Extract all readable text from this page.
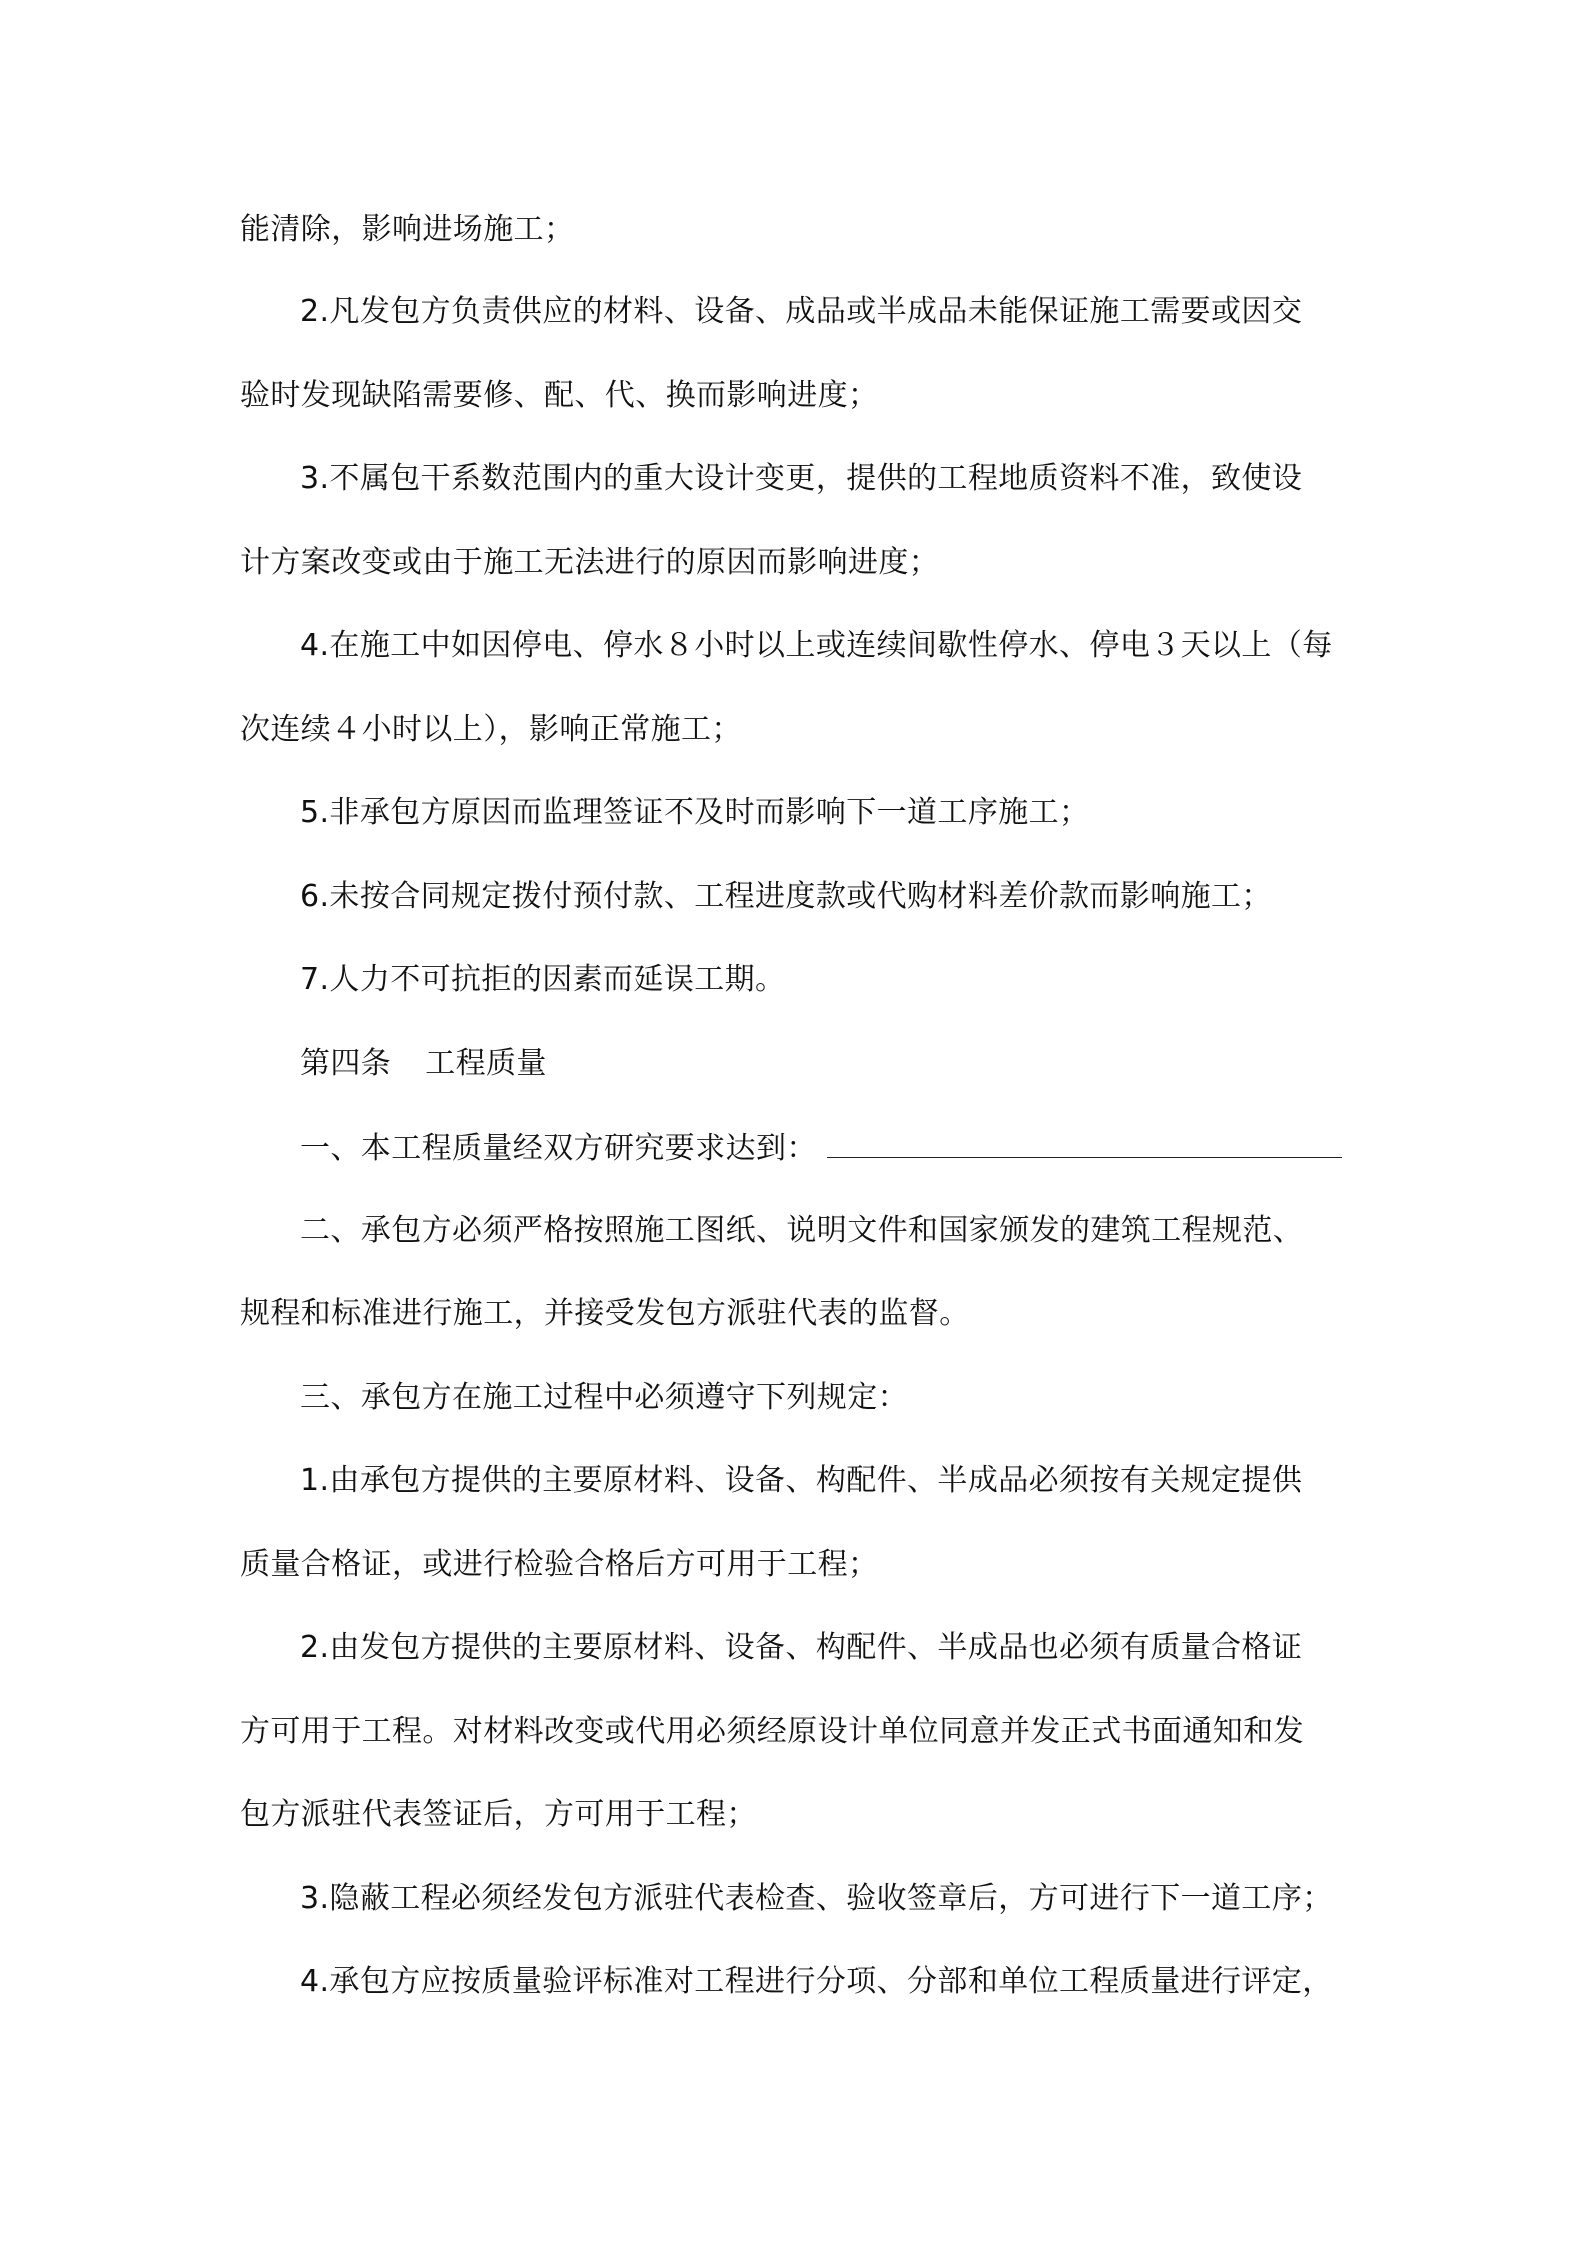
能清除，影响进场施工；
2.凡发包方负责供应的材料、设备、成品或半成品未能保证施工需要或因交
验时发现缺陷需要修、配、代、换而影响进度；
3.不属包干系数范围内的重大设计变更，提供的工程地质资料不准，致使设
计方案改变或由于施工无法进行的原因而影响进度；
4.在施工中如因停电、停水８小时以上或连续间歇性停水、停电３天以上（每
次连续４小时以上），影响正常施工；
5.非承包方原因而监理签证不及时而影响下一道工序施工；
6.未按合同规定拨付预付款、工程进度款或代购材料差价款而影响施工；
7.人力不可抗拒的因素而延误工期。
第四条 工程质量
一、本工程质量经双方研究要求达到：
二、承包方必须严格按照施工图纸、说明文件和国家颁发的建筑工程规范、
规程和标准进行施工，并接受发包方派驻代表的监督。
三、承包方在施工过程中必须遵守下列规定：
1.由承包方提供的主要原材料、设备、构配件、半成品必须按有关规定提供
质量合格证，或进行检验合格后方可用于工程；
2.由发包方提供的主要原材料、设备、构配件、半成品也必须有质量合格证
方可用于工程。对材料改变或代用必须经原设计单位同意并发正式书面通知和发
包方派驻代表签证后，方可用于工程；
3.隐蔽工程必须经发包方派驻代表检查、验收签章后，方可进行下一道工序；
4.承包方应按质量验评标准对工程进行分项、分部和单位工程质量进行评定，
